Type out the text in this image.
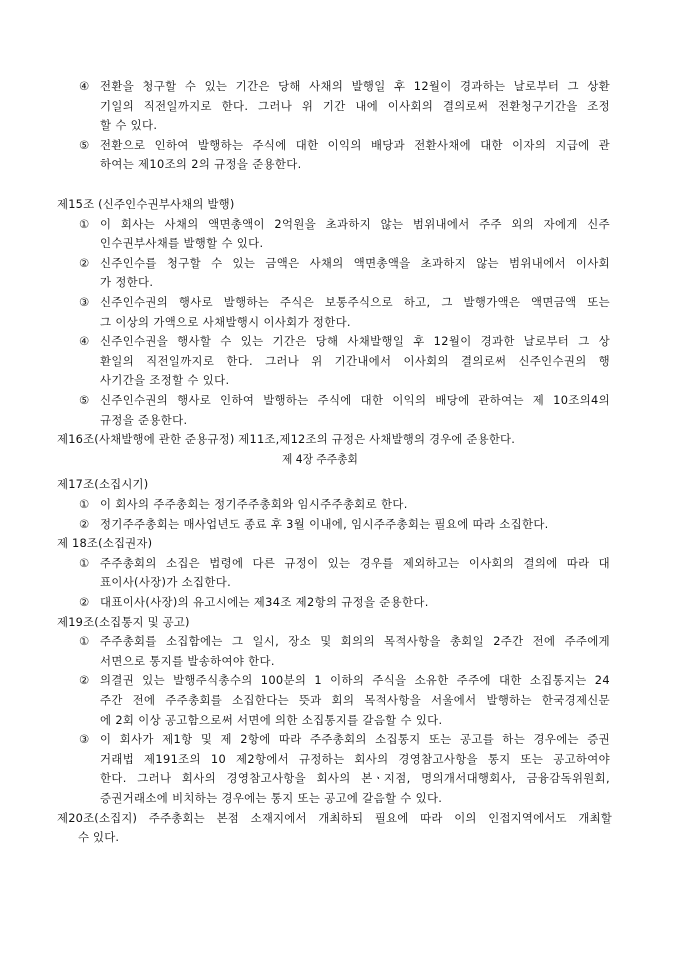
④ 전환을 청구할 수 있는 기간은 당해 사채의 발행일 후 12월이 경과하는 날로부터 그 상환
기일의 직전일까지로 한다. 그러나 위 기간 내에 이사회의 결의로써 전환청구기간을 조정
할 수 있다.
⑤ 전환으로 인하여 발행하는 주식에 대한 이익의 배당과 전환사채에 대한 이자의 지급에 관
하여는 제10조의 2의 규정을 준용한다.
제15조 (신주인수권부사채의 발행)
① 이 회사는 사채의 액면총액이 2억원을 초과하지 않는 범위내에서 주주 외의 자에게 신주
인수권부사채를 발행할 수 있다.
② 신주인수를 청구할 수 있는 금액은 사채의 액면총액을 초과하지 않는 범위내에서 이사회
가 정한다.
③ 신주인수권의 행사로 발행하는 주식은 보통주식으로 하고, 그 발행가액은 액면금액 또는
그 이상의 가액으로 사채발행시 이사회가 정한다.
④ 신주인수권을 행사할 수 있는 기간은 당해 사채발행일 후 12월이 경과한 날로부터 그 상
환일의 직전일까지로 한다. 그러나 위 기간내에서 이사회의 결의로써 신주인수권의 행
사기간을 조정할 수 있다.
⑤ 신주인수권의 행사로 인하여 발행하는 주식에 대한 이익의 배당에 관하여는 제 10조의4의
규정을 준용한다.
제16조(사채발행에 관한 준용규정) 제11조,제12조의 규정은 사채발행의 경우에 준용한다.
제 4장 주주총회
제17조(소집시기)
① 이 회사의 주주총회는 정기주주총회와 임시주주총회로 한다.
② 정기주주총회는 매사업년도 종료 후 3월 이내에, 임시주주총회는 필요에 따라 소집한다.
제 18조(소집권자)
① 주주총회의 소집은 법령에 다른 규정이 있는 경우를 제외하고는 이사회의 결의에 따라 대
표이사(사장)가 소집한다.
② 대표이사(사장)의 유고시에는 제34조 제2항의 규정을 준용한다.
제19조(소집통지 및 공고)
① 주주총회를 소집함에는 그 일시, 장소 및 회의의 목적사항을 총회일 2주간 전에 주주에게
서면으로 통지를 발송하여야 한다.
② 의결권 있는 발행주식총수의 100분의 1 이하의 주식을 소유한 주주에 대한 소집통지는 24
주간 전에 주주총회를 소집한다는 뜻과 회의 목적사항을 서울에서 발행하는 한국경제신문
에 2회 이상 공고함으로써 서면에 의한 소집통지를 갈음할 수 있다.
③ 이 회사가 제1항 및 제 2항에 따라 주주총회의 소집통지 또는 공고를 하는 경우에는 증권
거래법 제191조의 10 제2항에서 규정하는 회사의 경영참고사항을 통지 또는 공고하여야
한다. 그러나 회사의 경영참고사항을 회사의 본ㆍ지점, 명의개서대행회사, 금융감독위원회,
증권거래소에 비치하는 경우에는 통지 또는 공고에 갈음할 수 있다.
제20조(소집지) 주주총회는 본점 소재지에서 개최하되 필요에 따라 이의 인접지역에서도 개최할
수 있다.
